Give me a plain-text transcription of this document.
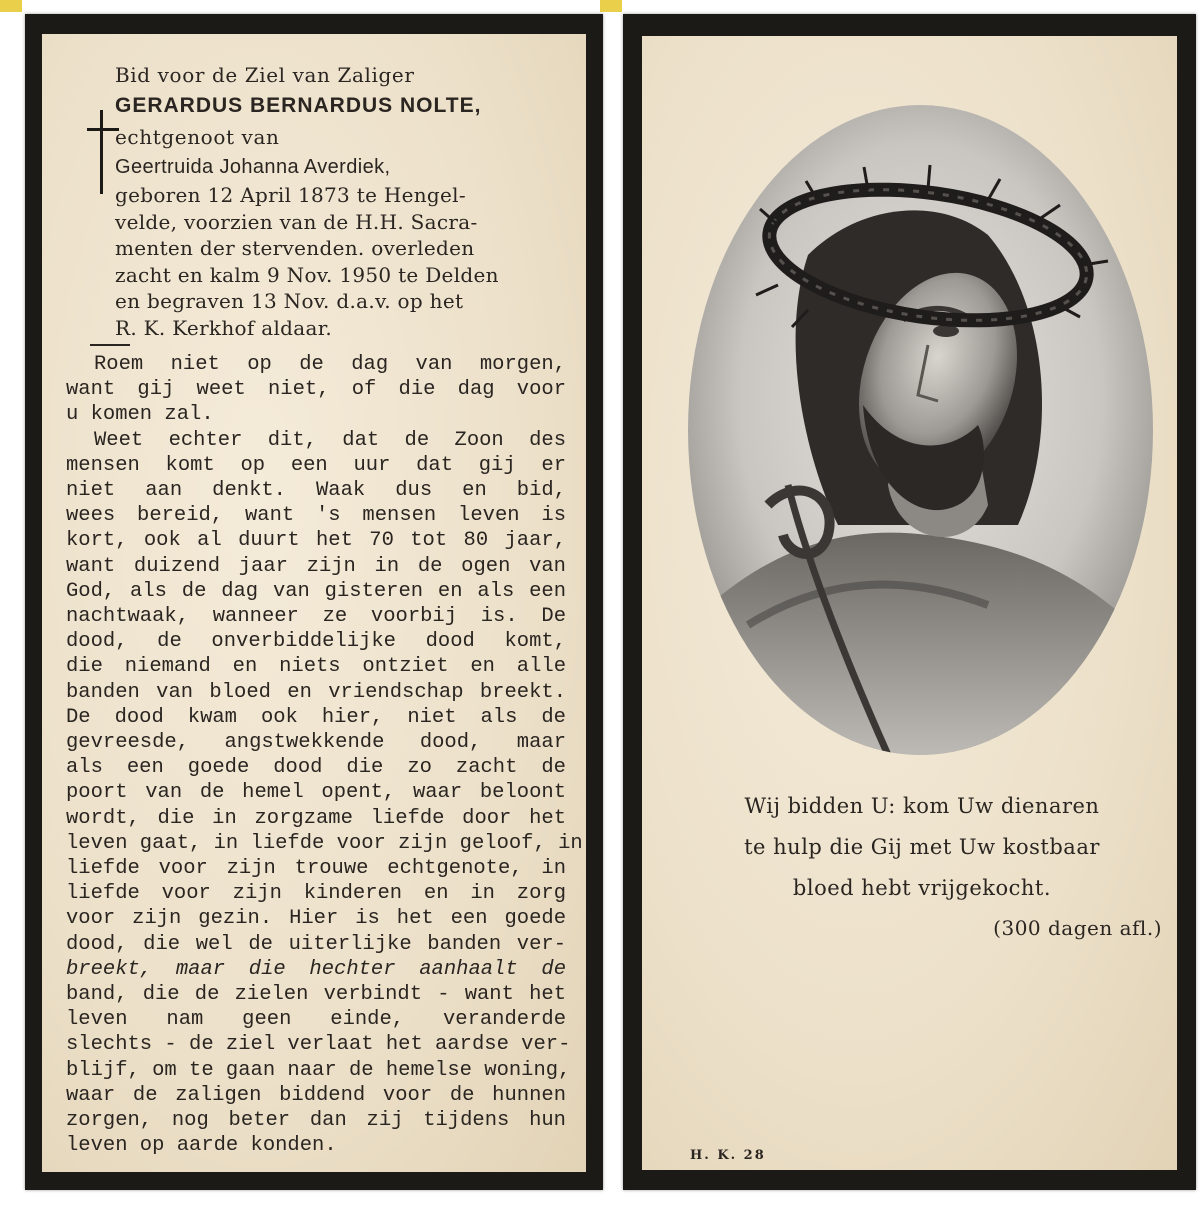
Bid voor de Ziel van Zaliger
GERARDUS BERNARDUS NOLTE,
echtgenoot van
Geertruida Johanna Averdiek,
geboren 12 April 1873 te Hengel-
velde, voorzien van de H.H. Sacra-
menten der stervenden. overleden
zacht en kalm 9 Nov. 1950 te Delden
en begraven 13 Nov. d.a.v. op het
R. K. Kerkhof aldaar.
Roem niet op de dag van morgen,
want gij weet niet, of die dag voor
u komen zal.
Weet echter dit, dat de Zoon des
mensen komt op een uur dat gij er
niet aan denkt. Waak dus en bid,
wees bereid, want 's mensen leven is
kort, ook al duurt het 70 tot 80 jaar,
want duizend jaar zijn in de ogen van
God, als de dag van gisteren en als een
nachtwaak, wanneer ze voorbij is. De
dood, de onverbiddelijke dood komt,
die niemand en niets ontziet en alle
banden van bloed en vriendschap breekt.
De dood kwam ook hier, niet als de
gevreesde, angstwekkende dood, maar
als een goede dood die zo zacht de
poort van de hemel opent, waar beloont
wordt, die in zorgzame liefde door het
leven gaat, in liefde voor zijn geloof, in
liefde voor zijn trouwe echtgenote, in
liefde voor zijn kinderen en in zorg
voor zijn gezin. Hier is het een goede
dood, die wel de uiterlijke banden ver-
breekt, maar die hechter aanhaalt de
band, die de zielen verbindt - want het
leven nam geen einde, veranderde
slechts - de ziel verlaat het aardse ver-
blijf, om te gaan naar de hemelse woning,
waar de zaligen biddend voor de hunnen
zorgen, nog beter dan zij tijdens hun
leven op aarde konden.
Wij bidden U: kom Uw dienaren
te hulp die Gij met Uw kostbaar
bloed hebt vrijgekocht.
(300 dagen afl.)
H. K. 28
